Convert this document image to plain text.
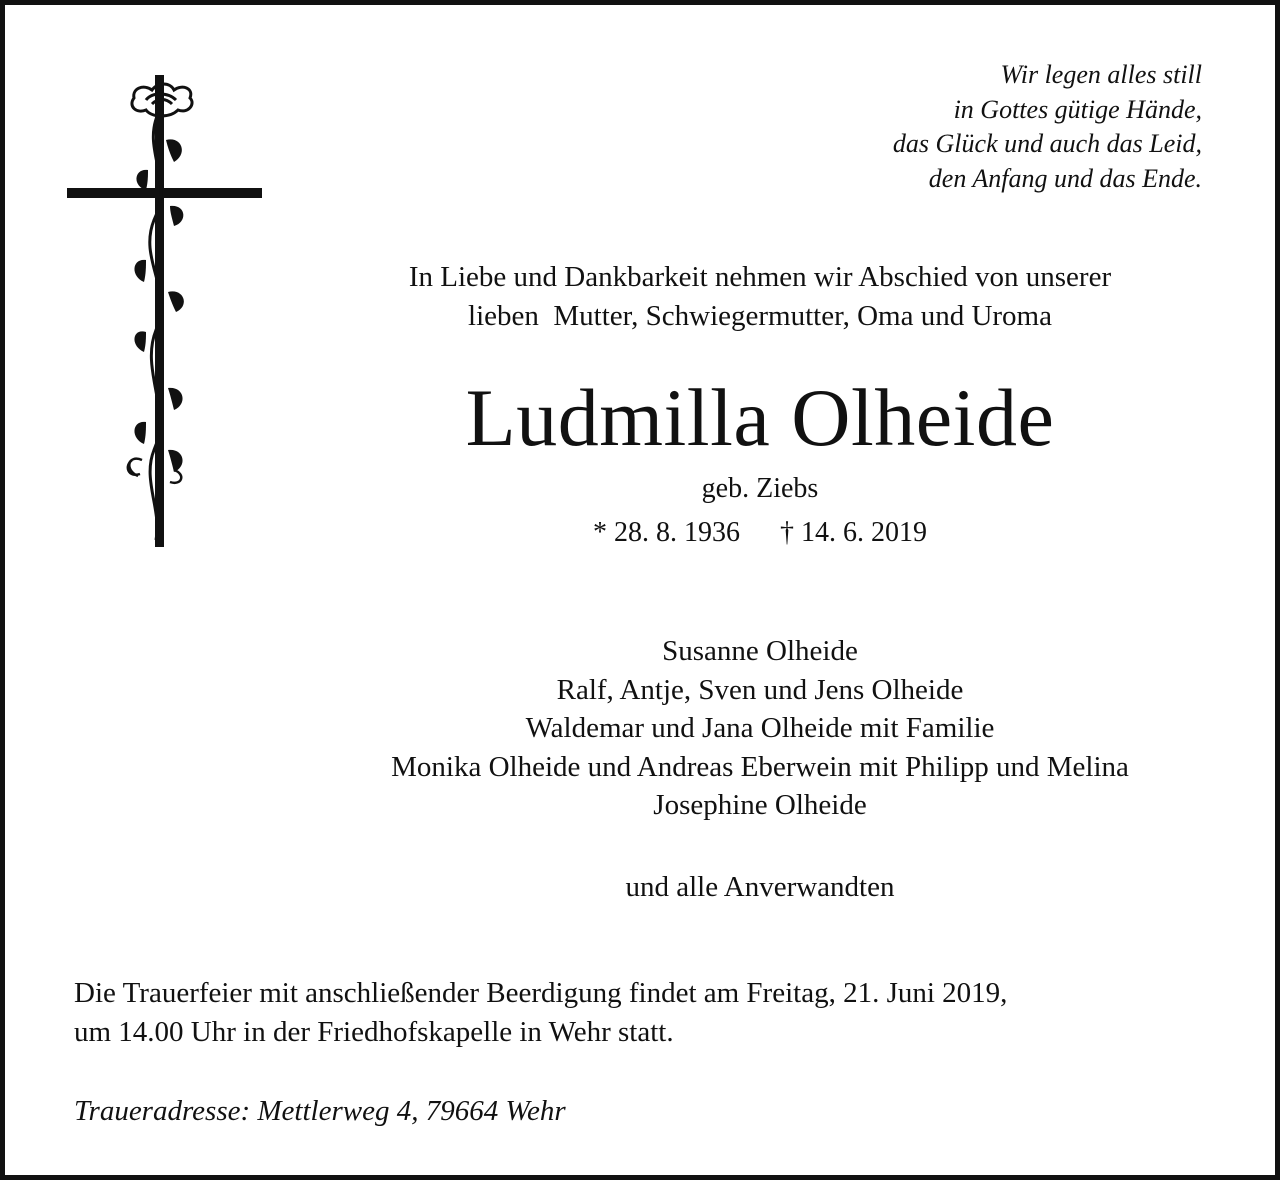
Wir legen alles still
in Gottes gütige Hände,
das Glück und auch das Leid,
den Anfang und das Ende.
In Liebe und Dankbarkeit nehmen wir Abschied von unserer
lieben  Mutter, Schwiegermutter, Oma und Uroma
Ludmilla Olheide
geb. Ziebs
* 28. 8. 1936 † 14. 6. 2019
Susanne Olheide
Ralf, Antje, Sven und Jens Olheide
Waldemar und Jana Olheide mit Familie
Monika Olheide und Andreas Eberwein mit Philipp und Melina
Josephine Olheide
und alle Anverwandten
Die Trauerfeier mit anschließender Beerdigung findet am Freitag, 21. Juni 2019,
um 14.00 Uhr in der Friedhofskapelle in Wehr statt.
Traueradresse: Mettlerweg 4, 79664 Wehr
